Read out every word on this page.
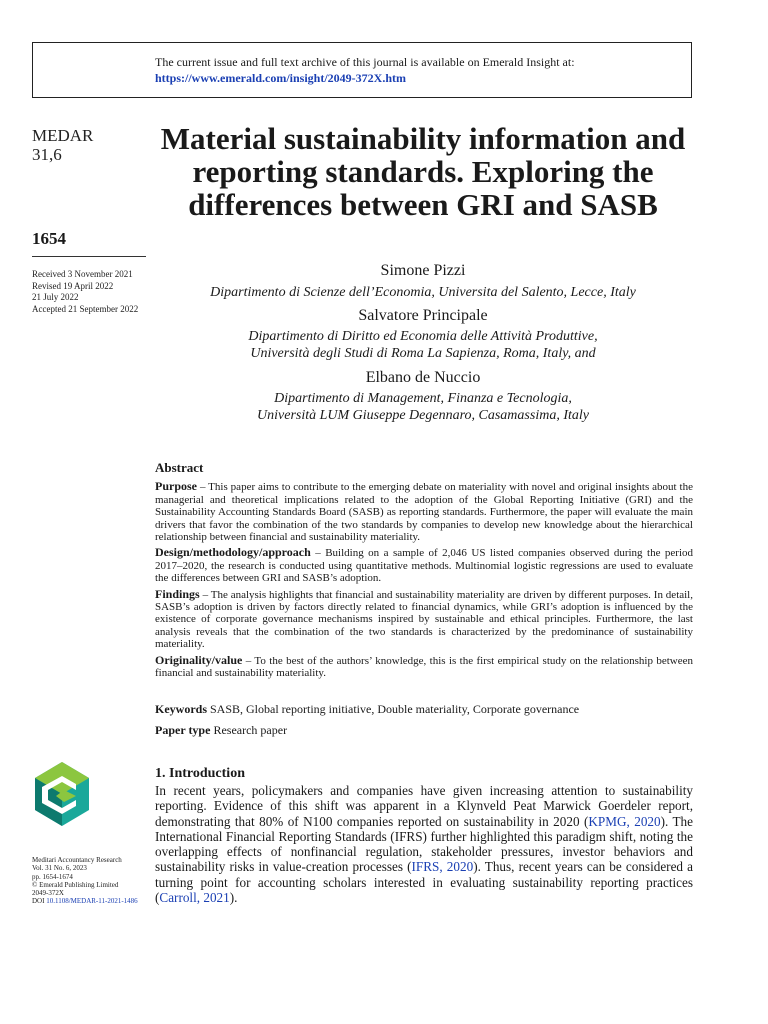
The current issue and full text archive of this journal is available on Emerald Insight at:
https://www.emerald.com/insight/2049-372X.htm
MEDAR
31,6
1654
Received 3 November 2021
Revised 19 April 2022
21 July 2022
Accepted 21 September 2022
Material sustainability information and reporting standards. Exploring the differences between GRI and SASB
Simone Pizzi
Dipartimento di Scienze dell’Economia, Universita del Salento, Lecce, Italy
Salvatore Principale
Dipartimento di Diritto ed Economia delle Attività Produttive,
Università degli Studi di Roma La Sapienza, Roma, Italy, and
Elbano de Nuccio
Dipartimento di Management, Finanza e Tecnologia,
Università LUM Giuseppe Degennaro, Casamassima, Italy
Abstract

Purpose – This paper aims to contribute to the emerging debate on materiality with novel and original insights about the managerial and theoretical implications related to the adoption of the Global Reporting Initiative (GRI) and the Sustainability Accounting Standards Board (SASB) as reporting standards. Furthermore, the paper will evaluate the main drivers that favor the combination of the two standards by companies to develop new knowledge about the hierarchical relationship between financial and sustainability materiality.

Design/methodology/approach – Building on a sample of 2,046 US listed companies observed during the period 2017–2020, the research is conducted using quantitative methods. Multinomial logistic regressions are used to evaluate the differences between GRI and SASB’s adoption.

Findings – The analysis highlights that financial and sustainability materiality are driven by different purposes. In detail, SASB’s adoption is driven by factors directly related to financial dynamics, while GRI’s adoption is influenced by the existence of corporate governance mechanisms inspired by sustainable and ethical principles. Furthermore, the last analysis reveals that the combination of the two standards is characterized by the predominance of sustainability materiality.

Originality/value – To the best of the authors’ knowledge, this is the first empirical study on the relationship between financial and sustainability materiality.

Keywords SASB, Global reporting initiative, Double materiality, Corporate governance
Paper type Research paper
Meditari Accountancy Research
Vol. 31 No. 6, 2023
pp. 1654-1674
© Emerald Publishing Limited
2049-372X
DOI 10.1108/MEDAR-11-2021-1486
1. Introduction

In recent years, policymakers and companies have given increasing attention to sustainability reporting. Evidence of this shift was apparent in a Klynveld Peat Marwick Goerdeler report, demonstrating that 80% of N100 companies reported on sustainability in 2020 (KPMG, 2020). The International Financial Reporting Standards (IFRS) further highlighted this paradigm shift, noting the overlapping effects of nonfinancial regulation, stakeholder pressures, investor behaviors and sustainability risks in value-creation processes (IFRS, 2020). Thus, recent years can be considered a turning point for accounting scholars interested in evaluating sustainability reporting practices (Carroll, 2021).
